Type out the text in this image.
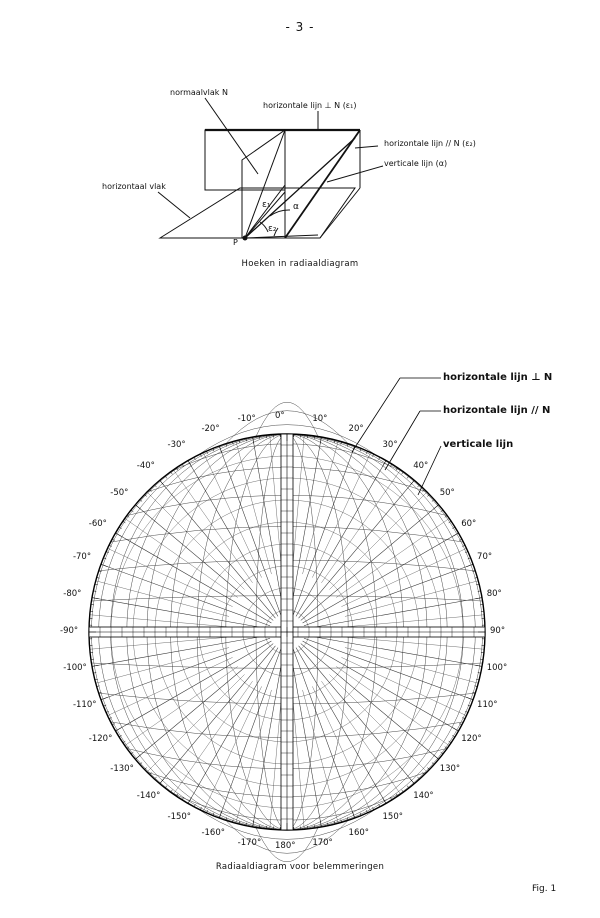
- 3 -
normaalvlak N
horizontale lijn ⊥ N (ε₁)
horizontale lijn // N (ε₂)
verticale lijn (α)
horizontaal vlak
ε₁
ε₂
α
P
Hoeken in radiaaldiagram
horizontale lijn ⊥ N
horizontale lijn // N
verticale lijn
0°	10°
20°
30°
40°
50°
60°
70°
80°
90°
100°
110°
120°
130°
140°
150°
160°
170°
180°
-10°
-20°
-30°
-40°
-50°
-60°
-70°
-80°
-90°
-100°
-110°
-120°
-130°
-140°
-150°
-160°
-170°
Radiaaldiagram voor belemmeringen
Fig. 1
